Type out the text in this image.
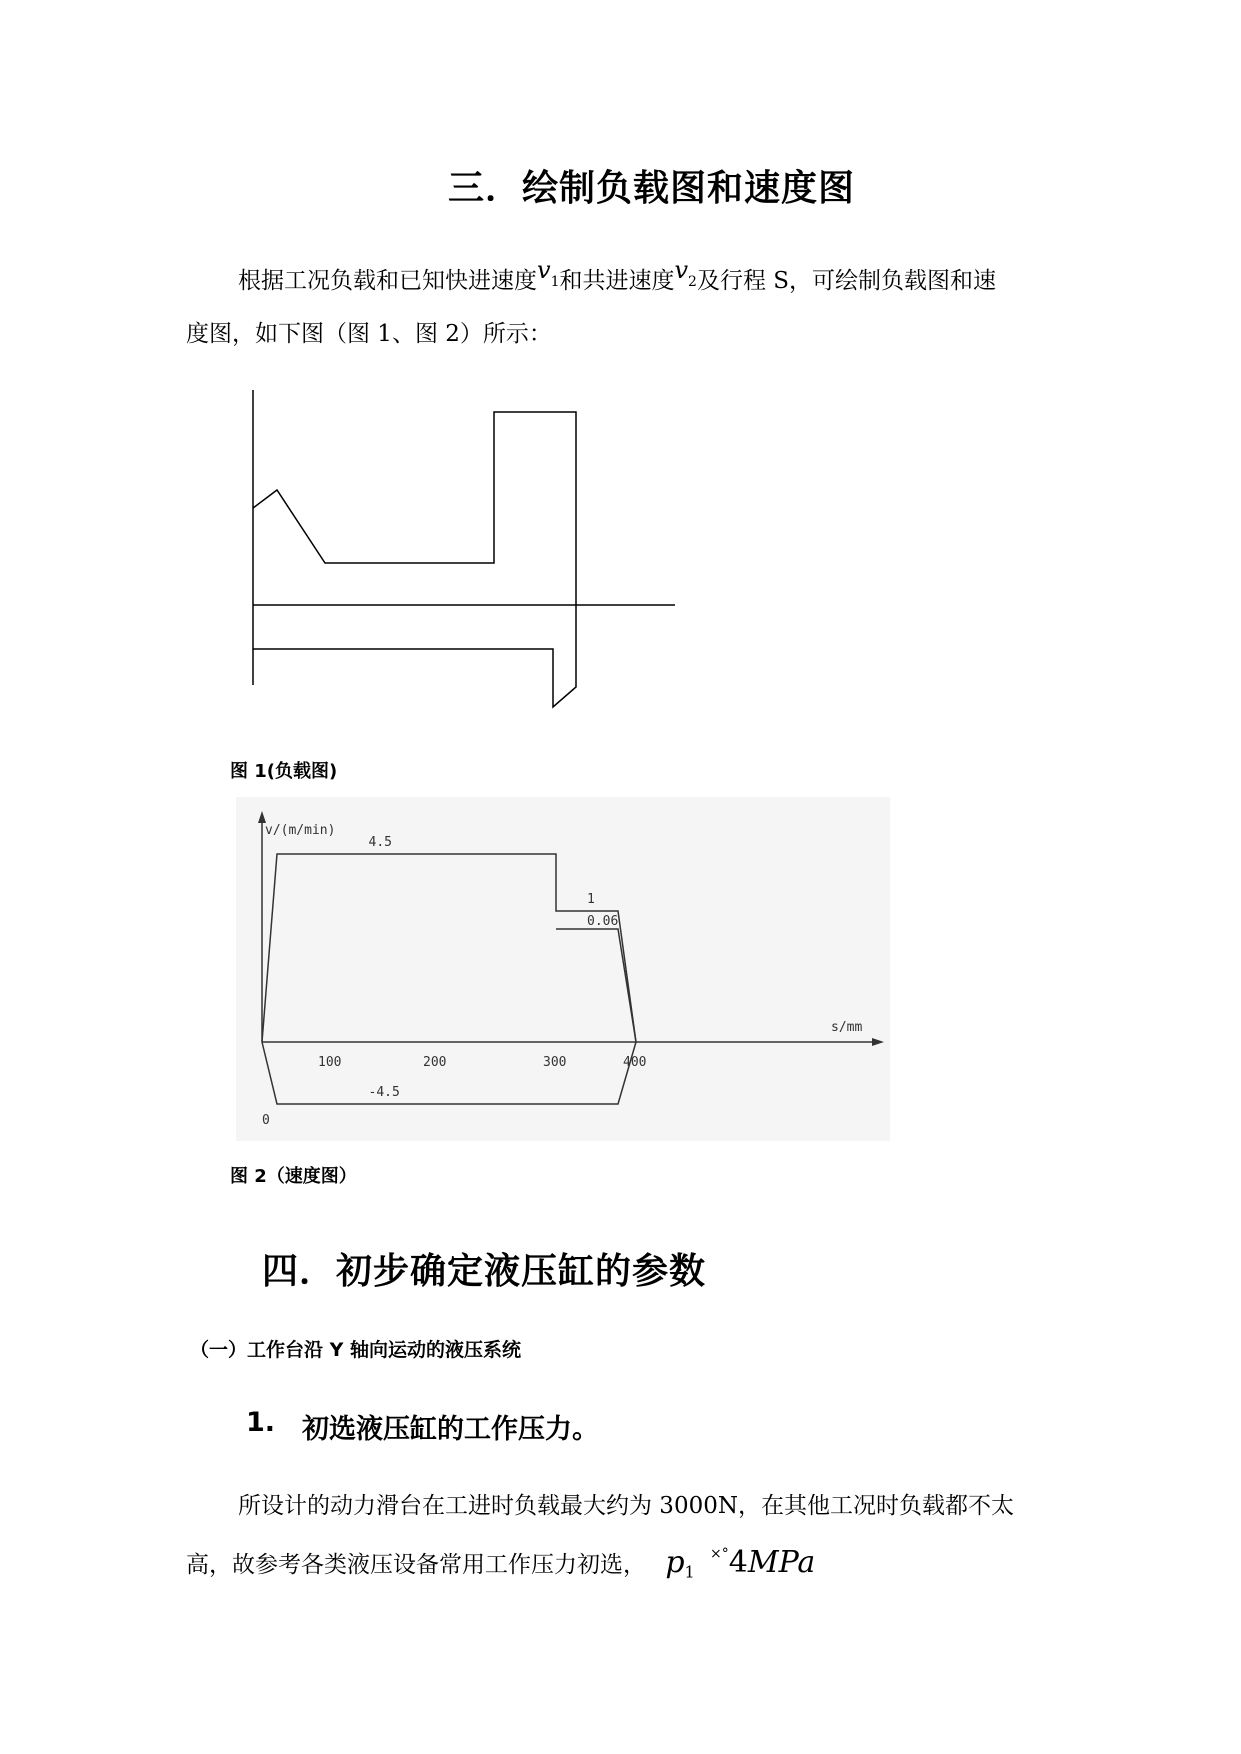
三．绘制负载图和速度图
根据工况负载和已知快进速度$v_1$和共进速度$v_2$及行程 S，可绘制负载图和速
度图，如下图（图 1、图 2）所示：
图 1(负载图)
v/(m/min)
s/mm
0
100	200	300	400
4.5
1
0.06
-4.5
图 2（速度图）
四．初步确定液压缸的参数
（一）工作台沿 Y 轴向运动的液压系统
1. 初选液压缸的工作压力。
所设计的动力滑台在工进时负载最大约为 3000N，在其他工况时负载都不太
高，故参考各类液压设备常用工作压力初选， $p_1$ ×°4MPa
